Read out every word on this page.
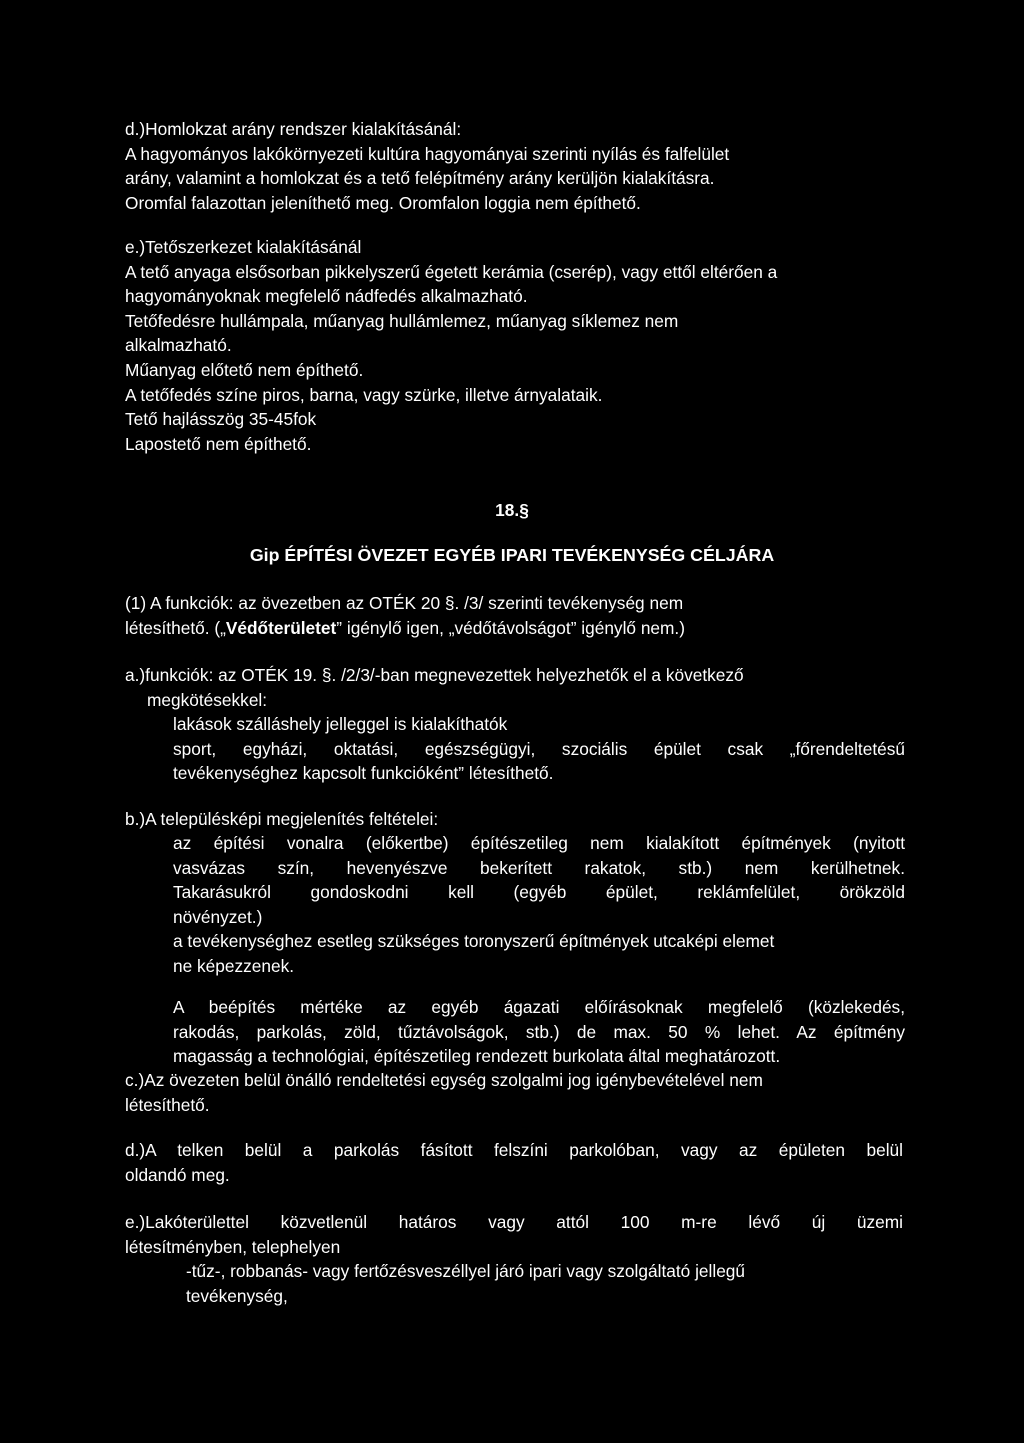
d.)Homlokzat arány rendszer kialakításánál:
A hagyományos lakókörnyezeti kultúra hagyományai szerinti nyílás és falfelület
arány, valamint a homlokzat és a tető felépítmény arány kerüljön kialakításra.
Oromfal falazottan jeleníthető meg. Oromfalon loggia nem építhető.
e.)Tetőszerkezet kialakításánál
A tető anyaga elsősorban pikkelyszerű égetett kerámia (cserép), vagy ettől eltérően a
hagyományoknak megfelelő nádfedés alkalmazható.
Tetőfedésre hullámpala, műanyag hullámlemez, műanyag síklemez nem
alkalmazható.
Műanyag előtető nem építhető.
A tetőfedés színe piros, barna, vagy szürke, illetve árnyalataik.
Tető hajlásszög 35-45fok
Lapostető nem építhető.
18.§
Gip ÉPÍTÉSI ÖVEZET EGYÉB IPARI TEVÉKENYSÉG CÉLJÁRA
(1) A funkciók: az övezetben az OTÉK 20 §. /3/ szerinti tevékenység nem
létesíthető. („Védőterületet” igénylő igen, „védőtávolságot” igénylő nem.)
a.)funkciók: az OTÉK 19. §. /2/3/-ban megnevezettek helyezhetők el a következő
megkötésekkel:
lakások szálláshely jelleggel is kialakíthatók
sport, egyházi, oktatási, egészségügyi, szociális épület csak „főrendeltetésű
tevékenységhez kapcsolt funkcióként” létesíthető.
b.)A településképi megjelenítés feltételei:
az építési vonalra (előkertbe) építészetileg nem kialakított építmények (nyitott
vasvázas szín, hevenyészve bekerített rakatok, stb.) nem kerülhetnek.
Takarásukról gondoskodni kell (egyéb épület, reklámfelület, örökzöld
növényzet.)
a tevékenységhez esetleg szükséges toronyszerű építmények utcaképi elemet
ne képezzenek.
A beépítés mértéke az egyéb ágazati előírásoknak megfelelő (közlekedés,
rakodás, parkolás, zöld, tűztávolságok, stb.) de max. 50 % lehet. Az építmény
magasság a technológiai, építészetileg rendezett burkolata által meghatározott.
c.)Az övezeten belül önálló rendeltetési egység szolgalmi jog igénybevételével nem
létesíthető.
d.)A telken belül a parkolás fásított felszíni parkolóban, vagy az épületen belül
oldandó meg.
e.)Lakóterülettel közvetlenül határos vagy attól 100 m-re lévő új üzemi
létesítményben, telephelyen
-tűz-, robbanás- vagy fertőzésveszéllyel járó ipari vagy szolgáltató jellegű
tevékenység,
